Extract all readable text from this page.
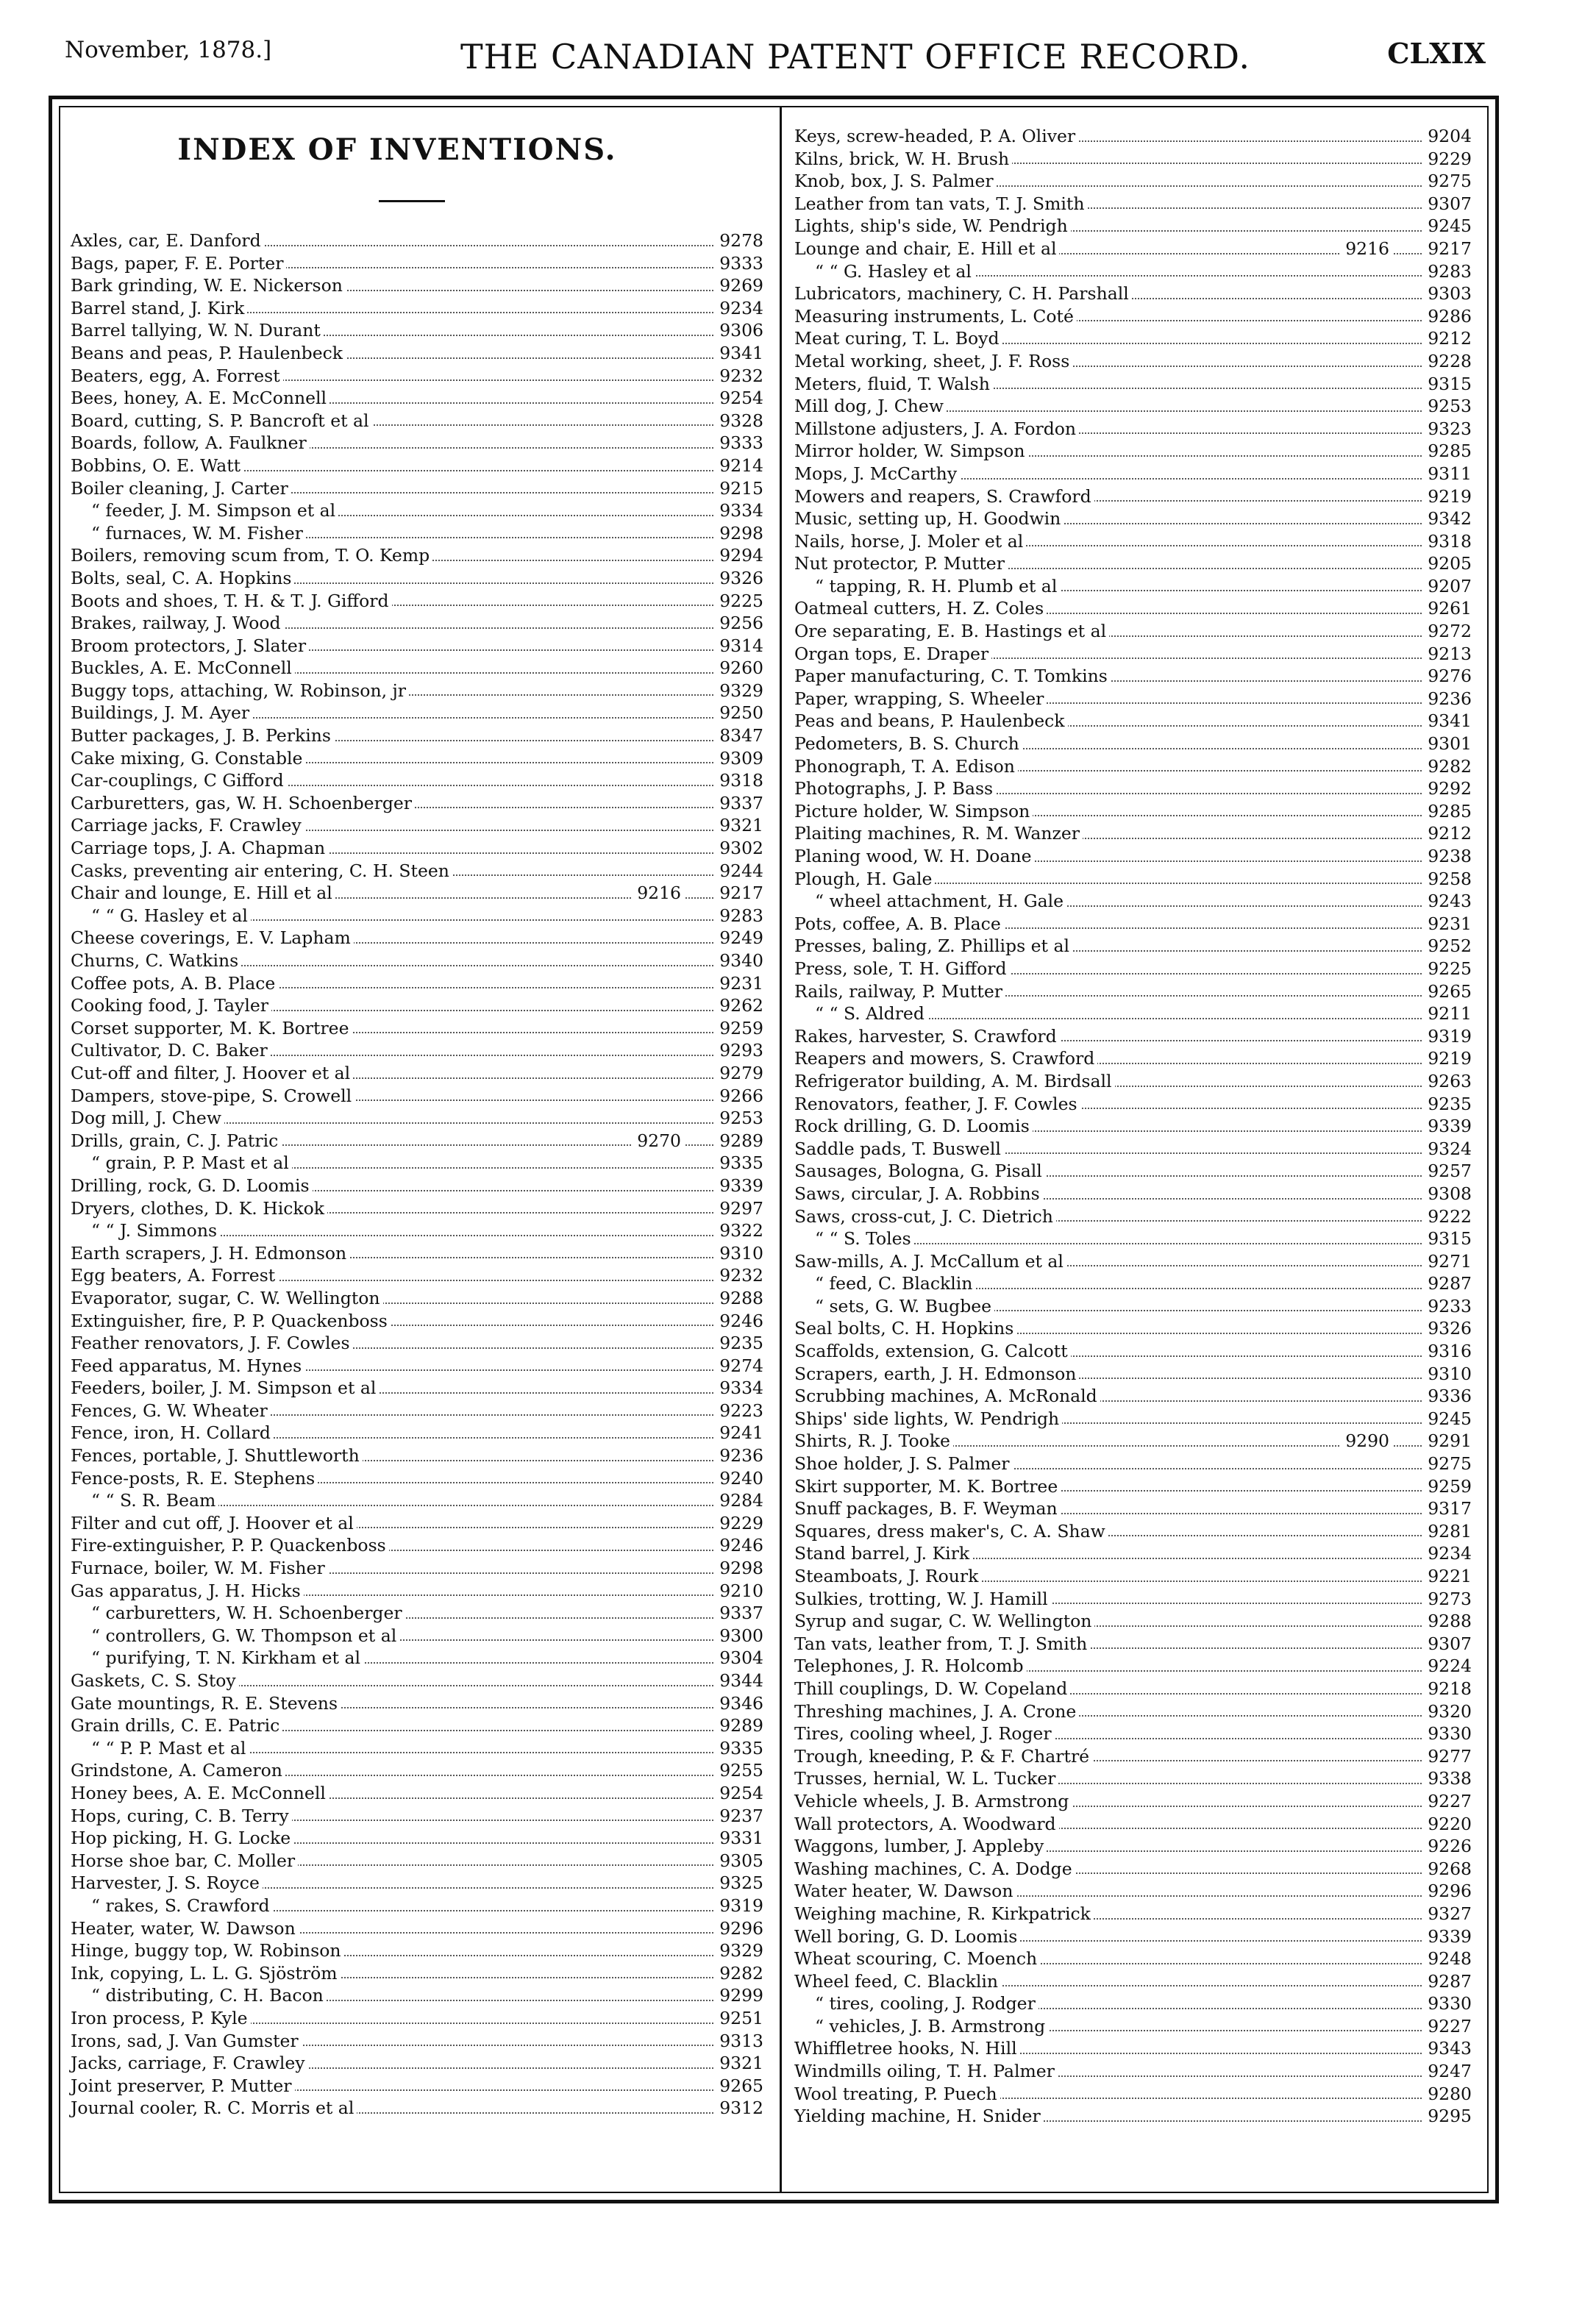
November, 1878.]	THE CANADIAN PATENT OFFICE RECORD.	CLXIX
INDEX OF INVENTIONS.
Axles, car, E. Danford	9278
Bags, paper, F. E. Porter	9333
Bark grinding, W. E. Nickerson	9269
Barrel stand, J. Kirk	9234
Barrel tallying, W. N. Durant	9306
Beans and peas, P. Haulenbeck	9341
Beaters, egg, A. Forrest	9232
Bees, honey, A. E. McConnell	9254
Board, cutting, S. P. Bancroft et al	9328
Boards, follow, A. Faulkner	9333
Bobbins, O. E. Watt	9214
Boiler cleaning, J. Carter	9215
“ feeder, J. M. Simpson et al	9334
“ furnaces, W. M. Fisher	9298
Boilers, removing scum from, T. O. Kemp	9294
Bolts, seal, C. A. Hopkins	9326
Boots and shoes, T. H. & T. J. Gifford	9225
Brakes, railway, J. Wood	9256
Broom protectors, J. Slater	9314
Buckles, A. E. McConnell	9260
Buggy tops, attaching, W. Robinson, jr	9329
Buildings, J. M. Ayer	9250
Butter packages, J. B. Perkins	8347
Cake mixing, G. Constable	9309
Car-couplings, C Gifford	9318
Carburetters, gas, W. H. Schoenberger	9337
Carriage jacks, F. Crawley	9321
Carriage tops, J. A. Chapman	9302
Casks, preventing air entering, C. H. Steen	9244
Chair and lounge, E. Hill et al	9216 9217
“ “ G. Hasley et al	9283
Cheese coverings, E. V. Lapham	9249
Churns, C. Watkins	9340
Coffee pots, A. B. Place	9231
Cooking food, J. Tayler	9262
Corset supporter, M. K. Bortree	9259
Cultivator, D. C. Baker	9293
Cut-off and filter, J. Hoover et al	9279
Dampers, stove-pipe, S. Crowell	9266
Dog mill, J. Chew	9253
Drills, grain, C. J. Patric	9270 9289
“ grain, P. P. Mast et al	9335
Drilling, rock, G. D. Loomis	9339
Dryers, clothes, D. K. Hickok	9297
“ “ J. Simmons	9322
Earth scrapers, J. H. Edmonson	9310
Egg beaters, A. Forrest	9232
Evaporator, sugar, C. W. Wellington	9288
Extinguisher, fire, P. P. Quackenboss	9246
Feather renovators, J. F. Cowles	9235
Feed apparatus, M. Hynes	9274
Feeders, boiler, J. M. Simpson et al	9334
Fences, G. W. Wheater	9223
Fence, iron, H. Collard	9241
Fences, portable, J. Shuttleworth	9236
Fence-posts, R. E. Stephens	9240
“ “ S. R. Beam	9284
Filter and cut off, J. Hoover et al	9229
Fire-extinguisher, P. P. Quackenboss	9246
Furnace, boiler, W. M. Fisher	9298
Gas apparatus, J. H. Hicks	9210
“ carburetters, W. H. Schoenberger	9337
“ controllers, G. W. Thompson et al	9300
“ purifying, T. N. Kirkham et al	9304
Gaskets, C. S. Stoy	9344
Gate mountings, R. E. Stevens	9346
Grain drills, C. E. Patric	9289
“ “ P. P. Mast et al	9335
Grindstone, A. Cameron	9255
Honey bees, A. E. McConnell	9254
Hops, curing, C. B. Terry	9237
Hop picking, H. G. Locke	9331
Horse shoe bar, C. Moller	9305
Harvester, J. S. Royce	9325
“ rakes, S. Crawford	9319
Heater, water, W. Dawson	9296
Hinge, buggy top, W. Robinson	9329
Ink, copying, L. L. G. Sjöström	9282
“ distributing, C. H. Bacon	9299
Iron process, P. Kyle	9251
Irons, sad, J. Van Gumster	9313
Jacks, carriage, F. Crawley	9321
Joint preserver, P. Mutter	9265
Journal cooler, R. C. Morris et al	9312
Keys, screw-headed, P. A. Oliver	9204
Kilns, brick, W. H. Brush	9229
Knob, box, J. S. Palmer	9275
Leather from tan vats, T. J. Smith	9307
Lights, ship's side, W. Pendrigh	9245
Lounge and chair, E. Hill et al	9216 9217
“ “ G. Hasley et al	9283
Lubricators, machinery, C. H. Parshall	9303
Measuring instruments, L. Coté	9286
Meat curing, T. L. Boyd	9212
Metal working, sheet, J. F. Ross	9228
Meters, fluid, T. Walsh	9315
Mill dog, J. Chew	9253
Millstone adjusters, J. A. Fordon	9323
Mirror holder, W. Simpson	9285
Mops, J. McCarthy	9311
Mowers and reapers, S. Crawford	9219
Music, setting up, H. Goodwin	9342
Nails, horse, J. Moler et al	9318
Nut protector, P. Mutter	9205
“ tapping, R. H. Plumb et al	9207
Oatmeal cutters, H. Z. Coles	9261
Ore separating, E. B. Hastings et al	9272
Organ tops, E. Draper	9213
Paper manufacturing, C. T. Tomkins	9276
Paper, wrapping, S. Wheeler	9236
Peas and beans, P. Haulenbeck	9341
Pedometers, B. S. Church	9301
Phonograph, T. A. Edison	9282
Photographs, J. P. Bass	9292
Picture holder, W. Simpson	9285
Plaiting machines, R. M. Wanzer	9212
Planing wood, W. H. Doane	9238
Plough, H. Gale	9258
“ wheel attachment, H. Gale	9243
Pots, coffee, A. B. Place	9231
Presses, baling, Z. Phillips et al	9252
Press, sole, T. H. Gifford	9225
Rails, railway, P. Mutter	9265
“ “ S. Aldred	9211
Rakes, harvester, S. Crawford	9319
Reapers and mowers, S. Crawford	9219
Refrigerator building, A. M. Birdsall	9263
Renovators, feather, J. F. Cowles	9235
Rock drilling, G. D. Loomis	9339
Saddle pads, T. Buswell	9324
Sausages, Bologna, G. Pisall	9257
Saws, circular, J. A. Robbins	9308
Saws, cross-cut, J. C. Dietrich	9222
“ “ S. Toles	9315
Saw-mills, A. J. McCallum et al	9271
“ feed, C. Blacklin	9287
“ sets, G. W. Bugbee	9233
Seal bolts, C. H. Hopkins	9326
Scaffolds, extension, G. Calcott	9316
Scrapers, earth, J. H. Edmonson	9310
Scrubbing machines, A. McRonald	9336
Ships' side lights, W. Pendrigh	9245
Shirts, R. J. Tooke	9290 9291
Shoe holder, J. S. Palmer	9275
Skirt supporter, M. K. Bortree	9259
Snuff packages, B. F. Weyman	9317
Squares, dress maker's, C. A. Shaw	9281
Stand barrel, J. Kirk	9234
Steamboats, J. Rourk	9221
Sulkies, trotting, W. J. Hamill	9273
Syrup and sugar, C. W. Wellington	9288
Tan vats, leather from, T. J. Smith	9307
Telephones, J. R. Holcomb	9224
Thill couplings, D. W. Copeland	9218
Threshing machines, J. A. Crone	9320
Tires, cooling wheel, J. Roger	9330
Trough, kneeding, P. & F. Chartré	9277
Trusses, hernial, W. L. Tucker	9338
Vehicle wheels, J. B. Armstrong	9227
Wall protectors, A. Woodward	9220
Waggons, lumber, J. Appleby	9226
Washing machines, C. A. Dodge	9268
Water heater, W. Dawson	9296
Weighing machine, R. Kirkpatrick	9327
Well boring, G. D. Loomis	9339
Wheat scouring, C. Moench	9248
Wheel feed, C. Blacklin	9287
“ tires, cooling, J. Rodger	9330
“ vehicles, J. B. Armstrong	9227
Whiffletree hooks, N. Hill	9343
Windmills oiling, T. H. Palmer	9247
Wool treating, P. Puech	9280
Yielding machine, H. Snider	9295
